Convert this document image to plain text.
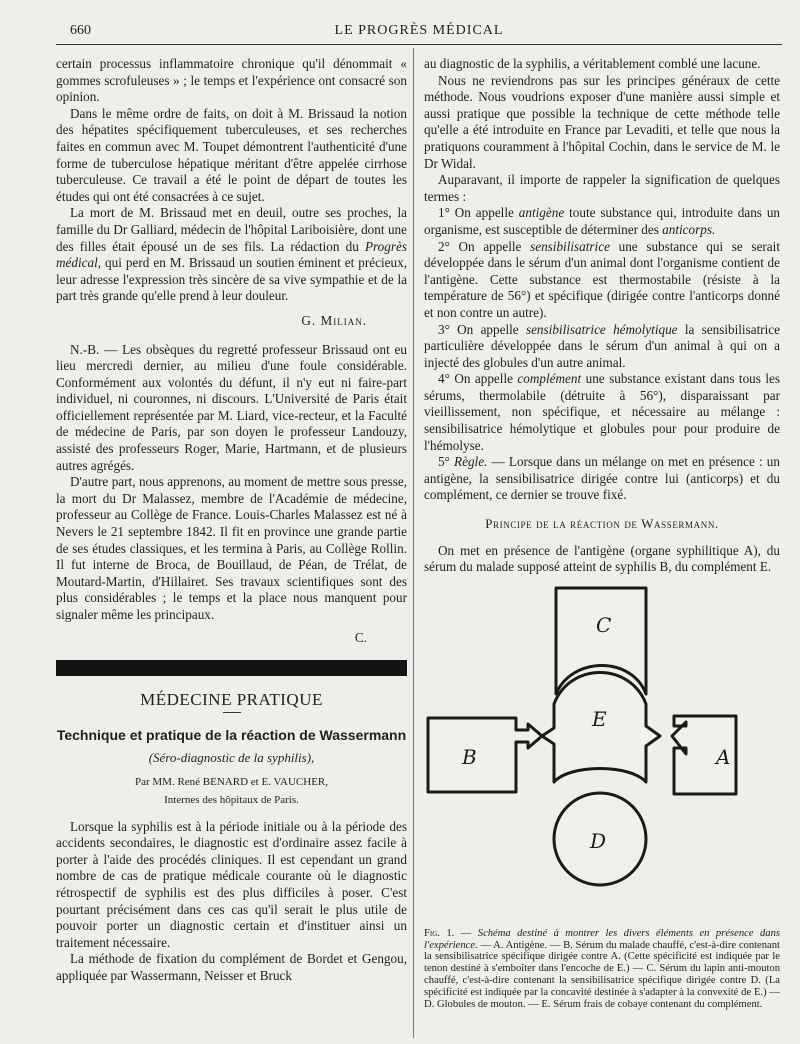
660	LE PROGRÈS MÉDICAL

certain processus inflammatoire chronique qu'il dénommait « gommes scrofuleuses » ; le temps et l'expérience ont consacré son opinion.

Dans le même ordre de faits, on doit à M. Brissaud la notion des hépatites spécifiquement tuberculeuses, et ses recherches faites en commun avec M. Toupet démontrent l'authenticité d'une forme de tuberculose hépatique méritant d'être appelée cirrhose tuberculeuse. Ce travail a été le point de départ de toutes les études qui ont été consacrées à ce sujet.

La mort de M. Brissaud met en deuil, outre ses proches, la famille du Dr Galliard, médecin de l'hôpital Lariboisière, dont une des filles était épousé un de ses fils. La rédaction du Progrès médical, qui perd en M. Brissaud un soutien éminent et précieux, leur adresse l'expression très sincère de sa vive sympathie et de la part très grande qu'elle prend à leur douleur.

G. Milian.

N.-B. — Les obsèques du regretté professeur Brissaud ont eu lieu mercredi dernier, au milieu d'une foule considérable. Conformément aux volontés du défunt, il n'y eut ni faire-part individuel, ni couronnes, ni discours. L'Université de Paris était officiellement représentée par M. Liard, vice-recteur, et la Faculté de médecine de Paris, par son doyen le professeur Landouzy, assisté des professeurs Roger, Marie, Hartmann, et de plusieurs autres agrégés.

D'autre part, nous apprenons, au moment de mettre sous presse, la mort du Dr Malassez, membre de l'Académie de médecine, professeur au Collège de France. Louis-Charles Malassez est né à Nevers le 21 septembre 1842. Il fit en province une grande partie de ses études classiques, et les termina à Paris, au Collège Rollin. Il fut interne de Broca, de Bouillaud, de Péan, de Trélat, de Moutard-Martin, d'Hillairet. Ses travaux scientifiques sont des plus considérables ; le temps et la place nous manquent pour signaler même les principaux.

C.
MÉDECINE PRATIQUE
Technique et pratique de la réaction de Wassermann
(Séro-diagnostic de la syphilis),
Par MM. René BENARD et E. VAUCHER,
Internes des hôpitaux de Paris.

Lorsque la syphilis est à la période initiale ou à la période des accidents secondaires, le diagnostic est d'ordinaire assez facile à porter à l'aide des procédés cliniques. Il est cependant un grand nombre de cas de pratique médicale courante où le diagnostic rétrospectif de syphilis est des plus difficiles à poser. C'est pourtant précisément dans ces cas qu'il serait le plus utile de pouvoir porter un diagnostic certain et d'instituer ainsi un traitement nécessaire.

La méthode de fixation du complément de Bordet et Gengou, appliquée par Wassermann, Neisser et Bruck

au diagnostic de la syphilis, a véritablement comblé une lacune.

Nous ne reviendrons pas sur les principes généraux de cette méthode. Nous voudrions exposer d'une manière aussi simple et aussi pratique que possible la technique de cette méthode telle qu'elle a été introduite en France par Levaditi, et telle que nous la pratiquons couramment à l'hôpital Cochin, dans le service de M. le Dr Widal.

Auparavant, il importe de rappeler la signification de quelques termes :

1° On appelle antigène toute substance qui, introduite dans un organisme, est susceptible de déterminer des anticorps.

2° On appelle sensibilisatrice une substance qui se serait développée dans le sérum d'un animal dont l'organisme contient de l'antigène. Cette substance est thermostabile (résiste à la température de 56°) et spécifique (dirigée contre l'anticorps donné et non contre un autre).

3° On appelle sensibilisatrice hémolytique la sensibilisatrice particulière développée dans le sérum d'un animal à qui on a injecté des globules d'un autre animal.

4° On appelle complément une substance existant dans tous les sérums, thermolabile (détruite à 56°), disparaissant par vieillissement, non spécifique, et nécessaire au mélange : sensibilisatrice hémolytique et globules pour pour produire de l'hémolyse.

5° Règle. — Lorsque dans un mélange on met en présence : un antigène, la sensibilisatrice dirigée contre lui (anticorps) et du complément, ce dernier se trouve fixé.

Principe de la réaction de Wassermann.

On met en présence de l'antigène (organe syphilitique A), du sérum du malade supposé atteint de syphilis B, du complément E.

C
E
B	A
D
Fig. 1. — Schéma destiné à montrer les divers éléments en présence dans l'expérience. — A. Antigène. — B. Sérum du malade chauffé, c'est-à-dire contenant la sensibilisatrice spécifique dirigée contre A. (Cette spécificité est indiquée par le tenon destiné à s'emboîter dans l'encoche de E.) — C. Sérum du lapin anti-mouton chauffé, c'est-à-dire contenant la sensibilisatrice spécifique dirigée contre D. (La spécificité est indiquée par la concavité destinée à s'adapter à la convexité de E.) — D. Globules de mouton. — E. Sérum frais de cobaye contenant du complément.
